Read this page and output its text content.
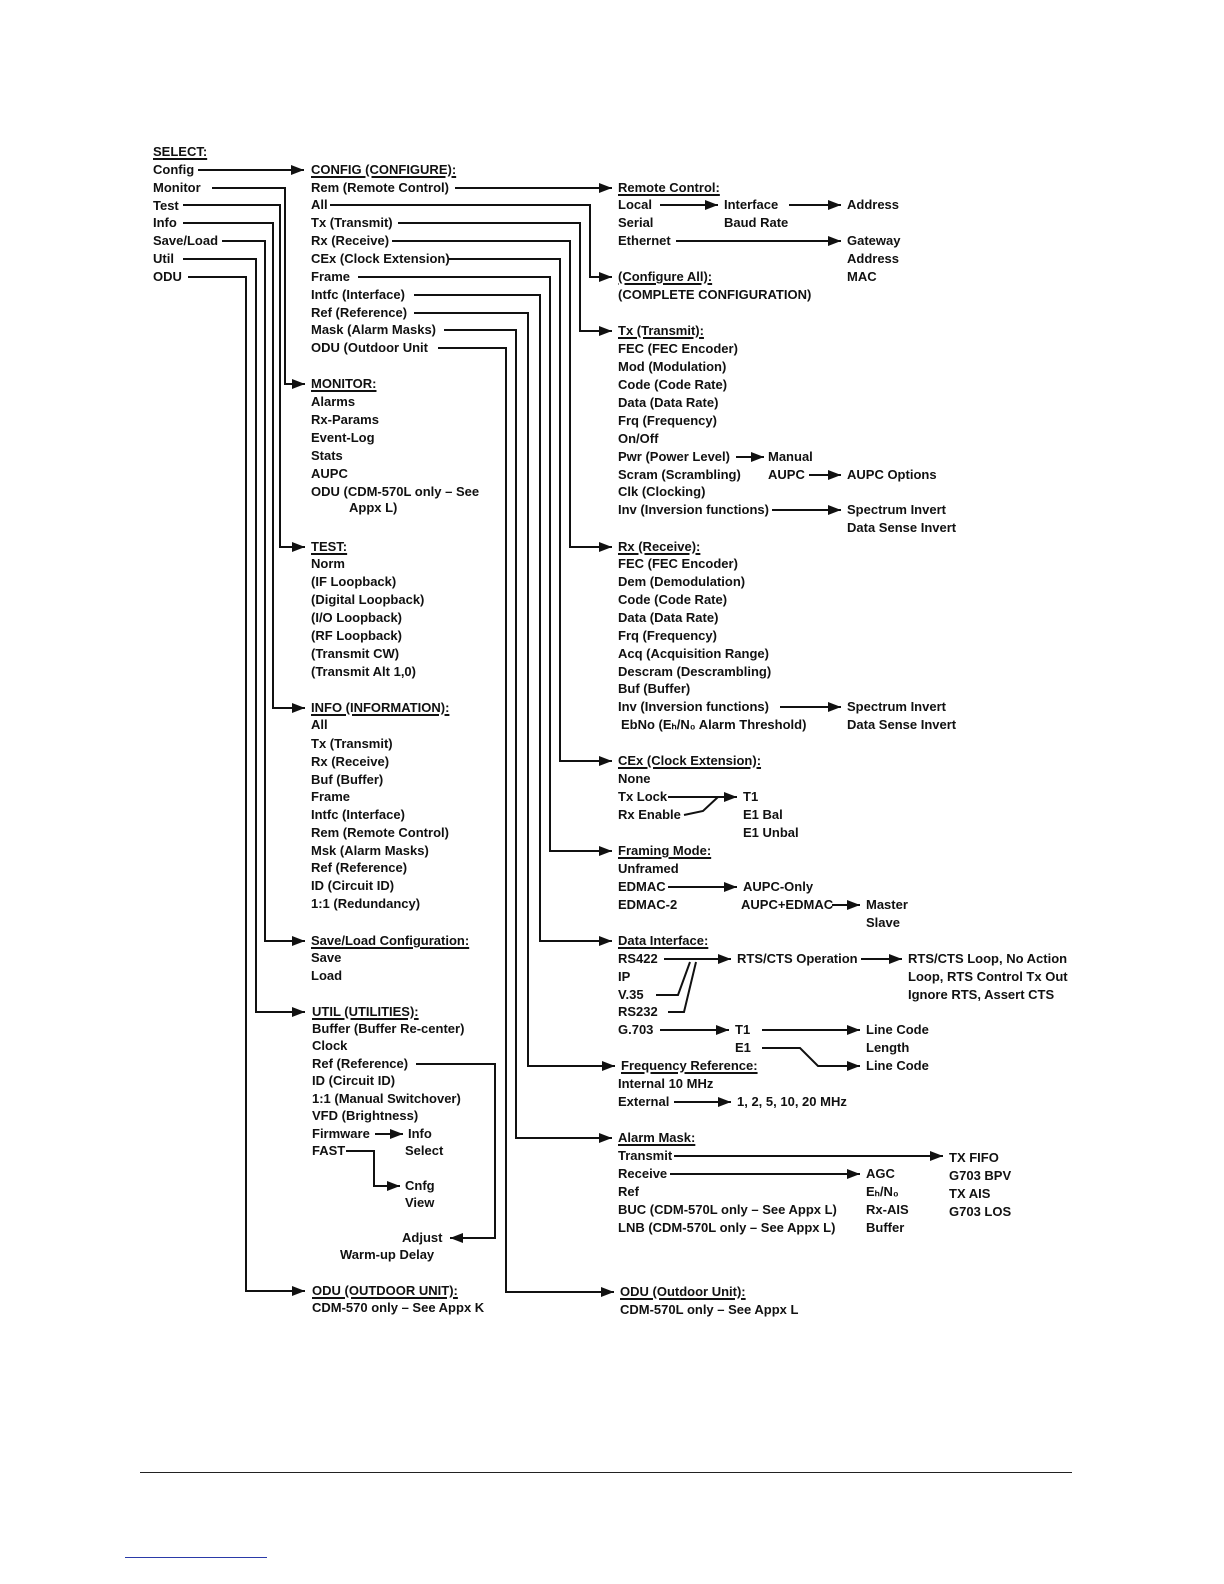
SELECT:
Config
Monitor
Test
Info
Save/Load
Util
ODU
CONFIG (CONFIGURE):
Rem (Remote Control)
All
Tx (Transmit)
Rx (Receive)
CEx (Clock Extension)
Frame
Intfc (Interface)
Ref (Reference)
Mask (Alarm Masks)
ODU (Outdoor Unit
MONITOR:
Alarms
Rx-Params
Event-Log
Stats
AUPC
ODU (CDM-570L only – See
Appx L)
TEST:
Norm
(IF Loopback)
(Digital Loopback)
(I/O Loopback)
(RF Loopback)
(Transmit CW)
(Transmit Alt 1,0)
INFO (INFORMATION):
All
Tx (Transmit)
Rx (Receive)
Buf (Buffer)
Frame
Intfc (Interface)
Rem (Remote Control)
Msk (Alarm Masks)
Ref (Reference)
ID (Circuit ID)
1:1 (Redundancy)
Save/Load Configuration:
Save
Load
UTIL (UTILITIES):
Buffer (Buffer Re-center)
Clock
Ref (Reference)
ID (Circuit ID)
1:1 (Manual Switchover)
VFD (Brightness)
Firmware
FAST
Info
Select
Cnfg
View
Adjust
Warm-up Delay
ODU (OUTDOOR UNIT):
CDM-570 only – See Appx K
Remote Control:
Local
Serial
Ethernet
Interface
Baud Rate
Address
Gateway
Address
MAC
(Configure All):
(COMPLETE CONFIGURATION)
Tx (Transmit):
FEC (FEC Encoder)
Mod (Modulation)
Code (Code Rate)
Data (Data Rate)
Frq (Frequency)
On/Off
Pwr (Power Level)
Scram (Scrambling)
Clk (Clocking)
Inv (Inversion functions)
Manual
AUPC	AUPC Options
Spectrum Invert
Data Sense Invert
Rx (Receive):
FEC (FEC Encoder)
Dem (Demodulation)
Code (Code Rate)
Data (Data Rate)
Frq (Frequency)
Acq (Acquisition Range)
Descram (Descrambling)
Buf (Buffer)
Inv (Inversion functions)
EbNo (Eₕ/N₀ Alarm Threshold)
Spectrum Invert
Data Sense Invert
CEx (Clock Extension):
None
Tx Lock
Rx Enable
T1
E1 Bal
E1 Unbal
Framing Mode:
Unframed
EDMAC
EDMAC-2
AUPC-Only
AUPC+EDMAC	Master
Slave
Data Interface:
RS422
IP
V.35
RS232
G.703
RTS/CTS Operation	RTS/CTS Loop, No Action
Loop, RTS Control Tx Out
Ignore RTS, Assert CTS
T1
E1
Line Code
Length
Line Code
Frequency Reference:
Internal 10 MHz
External	1, 2, 5, 10, 20 MHz
Alarm Mask:
Transmit
Receive
Ref
BUC (CDM-570L only – See Appx L)
LNB (CDM-570L only – See Appx L)
AGC
Eₕ/N₀
Rx-AIS
Buffer
TX FIFO
G703 BPV
TX AIS
G703 LOS
ODU (Outdoor Unit):
CDM-570L only – See Appx L
